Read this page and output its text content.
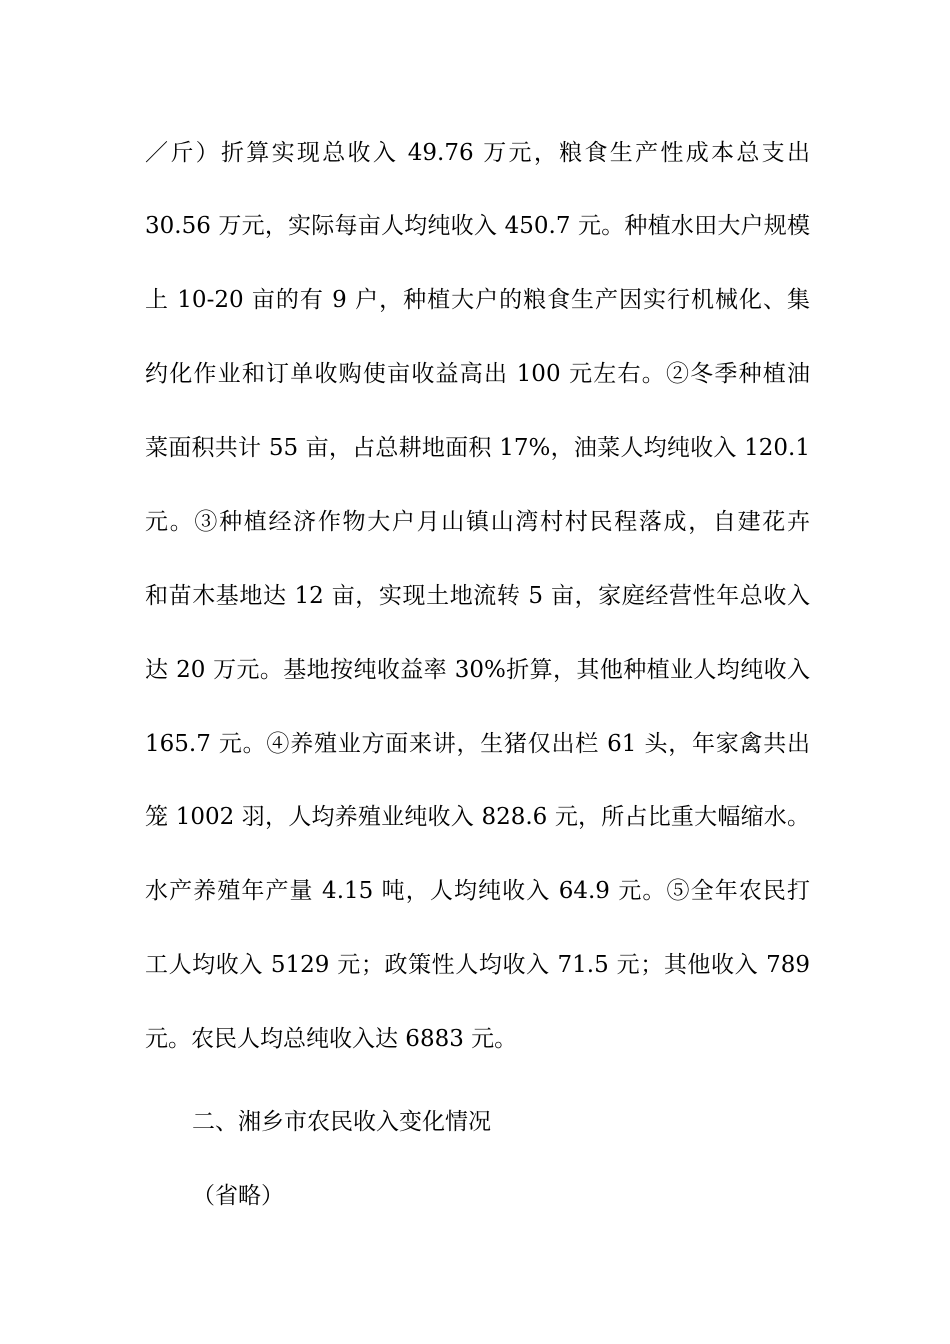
／斤）折算实现总收入 49.76 万元，粮食生产性成本总支出
30.56 万元，实际每亩人均纯收入 450.7 元。种植水田大户规模
上 10-20 亩的有 9 户，种植大户的粮食生产因实行机械化、集
约化作业和订单收购使亩收益高出 100 元左右。②冬季种植油
菜面积共计 55 亩，占总耕地面积 17%，油菜人均纯收入 120.1
元。③种植经济作物大户月山镇山湾村村民程落成，自建花卉
和苗木基地达 12 亩，实现土地流转 5 亩，家庭经营性年总收入
达 20 万元。基地按纯收益率 30%折算，其他种植业人均纯收入
165.7 元。④养殖业方面来讲，生猪仅出栏 61 头，年家禽共出
笼 1002 羽，人均养殖业纯收入 828.6 元，所占比重大幅缩水。
水产养殖年产量 4.15 吨，人均纯收入 64.9 元。⑤全年农民打
工人均收入 5129 元；政策性人均收入 71.5 元；其他收入 789
元。农民人均总纯收入达 6883 元。
二、湘乡市农民收入变化情况
（省略）
